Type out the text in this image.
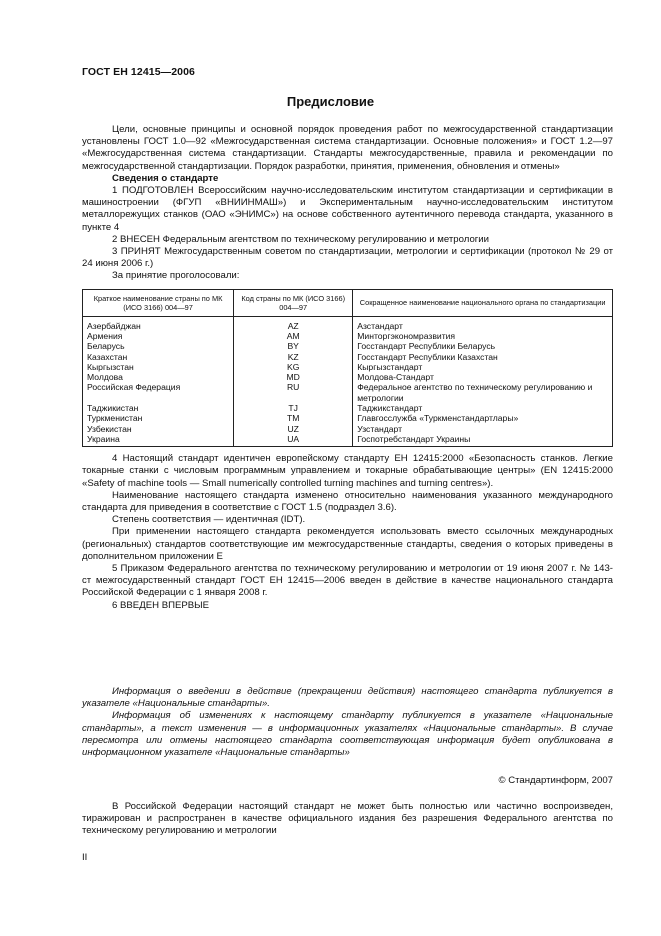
ГОСТ ЕН 12415—2006
Предисловие

Цели, основные принципы и основной порядок проведения работ по межгосударственной стандартизации установлены ГОСТ 1.0—92 «Межгосударственная система стандартизации. Основные положения» и ГОСТ 1.2—97 «Межгосударственная система стандартизации. Стандарты межгосударственные, правила и рекомендации по межгосударственной стандартизации. Порядок разработки, принятия, применения, обновления и отмены»

Сведения о стандарте

1 ПОДГОТОВЛЕН Всероссийским научно-исследовательским институтом стандартизации и сертификации в машиностроении (ФГУП «ВНИИНМАШ») и Экспериментальным научно-исследовательским институтом металлорежущих станков (ОАО «ЭНИМС») на основе собственного аутентичного перевода стандарта, указанного в пункте 4

2 ВНЕСЕН Федеральным агентством по техническому регулированию и метрологии

3 ПРИНЯТ Межгосударственным советом по стандартизации, метрологии и сертификации (протокол № 29 от 24 июня 2006 г.)

За принятие проголосовали:

Краткое наименование страны по МК (ИСО 3166) 004—97	Код страны по МК (ИСО 3166) 004—97	Сокращенное наименование национального органа по стандартизации
Азербайджан	AZ	Азстандарт
Армения	AM	Минторгэкономразвития
Беларусь	BY	Госстандарт Республики Беларусь
Казахстан	KZ	Госстандарт Республики Казахстан
Кыргызстан	KG	Кыргызстандарт
Молдова	MD	Молдова-Стандарт
Российская Федерация	RU	Федеральное агентство по техническому регулированию и метрологии
Таджикистан	TJ	Таджикстандарт
Туркменистан	TM	Главгосслужба «Туркменстандартлары»
Узбекистан	UZ	Узстандарт
Украина	UA	Госпотребстандарт Украины

4 Настоящий стандарт идентичен европейскому стандарту ЕН 12415:2000 «Безопасность станков. Легкие токарные станки с числовым программным управлением и токарные обрабатывающие центры» (EN 12415:2000 «Safety of machine tools — Small numerically controlled turning machines and turning centres»).

Наименование настоящего стандарта изменено относительно наименования указанного международного стандарта для приведения в соответствие с ГОСТ 1.5 (подраздел 3.6).

Степень соответствия — идентичная (IDT).

При применении настоящего стандарта рекомендуется использовать вместо ссылочных международных (региональных) стандартов соответствующие им межгосударственные стандарты, сведения о которых приведены в дополнительном приложении Е

5 Приказом Федерального агентства по техническому регулированию и метрологии от 19 июня 2007 г. № 143-ст межгосударственный стандарт ГОСТ ЕН 12415—2006 введен в действие в качестве национального стандарта Российской Федерации с 1 января 2008 г.

6 ВВЕДЕН ВПЕРВЫЕ

Информация о введении в действие (прекращении действия) настоящего стандарта публикуется в указателе «Национальные стандарты».

Информация об изменениях к настоящему стандарту публикуется в указателе «Национальные стандарты», а текст изменения — в информационных указателях «Национальные стандарты». В случае пересмотра или отмены настоящего стандарта соответствующая информация будет опубликована в информационном указателе «Национальные стандарты»

© Стандартинформ, 2007

В Российской Федерации настоящий стандарт не может быть полностью или частично воспроизведен, тиражирован и распространен в качестве официального издания без разрешения Федерального агентства по техническому регулированию и метрологии

II
